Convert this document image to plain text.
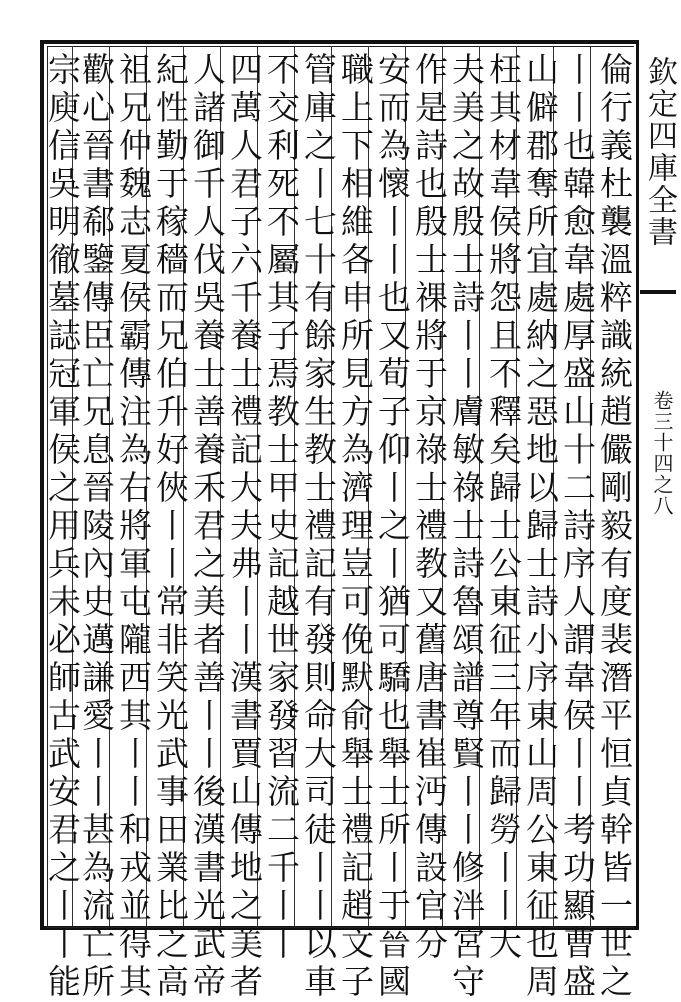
欽定四庫全書
卷三十四之八
倫行義杜襲溫粹識統趙儼剛毅有度裴潛平恒貞幹皆一世之
丨丨也韓愈韋處厚盛山十二詩序人謂韋侯丨丨考功顯曹盛
山僻郡奪所宜處納之惡地以歸士詩小序東山周公東征也周
枉其材韋侯將怨且不釋矣歸士公東征三年而歸勞丨丨大
夫美之故殷士詩丨丨膚敏祿士詩魯頌譜尊賢丨丨修泮宮守
作是詩也殷士祼將于京祿士禮教又舊唐書崔沔傳設官分
安而為懷丨丨也又荀子仰丨之丨猶可驕也舉士所丨于晉國
職上下相維各申所見方為濟理豈可俛默俞舉士禮記趙文子
管庫之丨七十有餘家生教士禮記有發則命大司徒丨丨以車
不交利死不屬其子焉教士甲史記越世家發習流二千丨丨
四萬人君子六千養士禮記大夫弗丨丨漢書賈山傳地之美者
人諸御千人伐吳養士善養禾君之美者善丨丨後漢書光武帝
紀性勤于稼穡而兄伯升好俠丨丨常非笑光武事田業比之高
祖兄仲魏志夏侯霸傳注為右將軍屯隴西其丨丨和戎並得其
歡心晉書郗鑒傳臣亡兄息晉陵內史邁謙愛丨丨甚為流亡所
宗庾信吳明徹墓誌冠軍侯之用兵未必師古武安君之丨丨能
